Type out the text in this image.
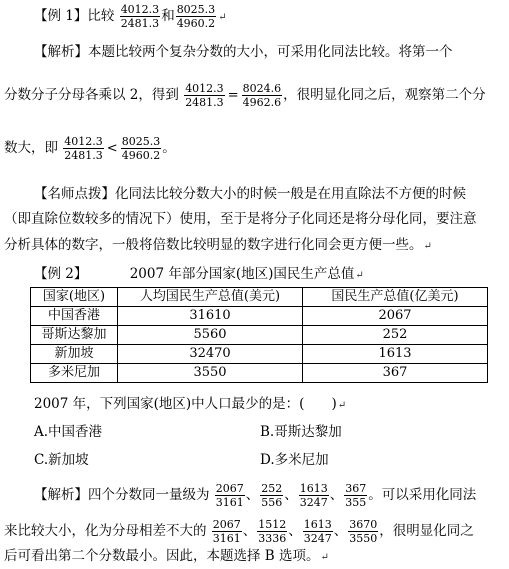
【例 1】比较 $\frac{4012.3}{2481.3}$ 和 $\frac{8025.3}{4960.2}$ ↵
【解析】本题比较两个复杂分数的大小，可采用化同法比较。将第一个
分数分子分母各乘以 2，得到 $\frac{4012.3}{2481.3} = \frac{8024.6}{4962.6}$ ，很明显化同之后，观察第二个分
数大，即 $\frac{4012.3}{2481.3} < \frac{8025.3}{4960.2}$ 。
【名师点拨】化同法比较分数大小的时候一般是在用直除法不方便的时候
（即直除位数较多的情况下）使用，至于是将分子化同还是将分母化同，要注意
分析具体的数字，一般将倍数比较明显的数字进行化同会更方便一些。↵
【例 2】	2007 年部分国家(地区)国民生产总值↵
国家(地区)	人均国民生产总值(美元)	国民生产总值(亿美元)
中国香港	31610	2067
哥斯达黎加	5560	252
新加坡	32470	1613
多米尼加	3550	367
2007 年，下列国家(地区)中人口最少的是：(　　)↵
A.中国香港	B.哥斯达黎加
C.新加坡	D.多米尼加
【解析】四个分数同一量级为 $\frac{2067}{3161}$ 、 $\frac{252}{556}$ 、 $\frac{1613}{3247}$ 、 $\frac{367}{355}$ 。可以采用化同法
来比较大小，化为分母相差不大的 $\frac{2067}{3161}$ 、 $\frac{1512}{3336}$ 、 $\frac{1613}{3247}$ 、 $\frac{3670}{3550}$ ，很明显化同之
后可看出第二个分数最小。因此，本题选择 B 选项。↵
